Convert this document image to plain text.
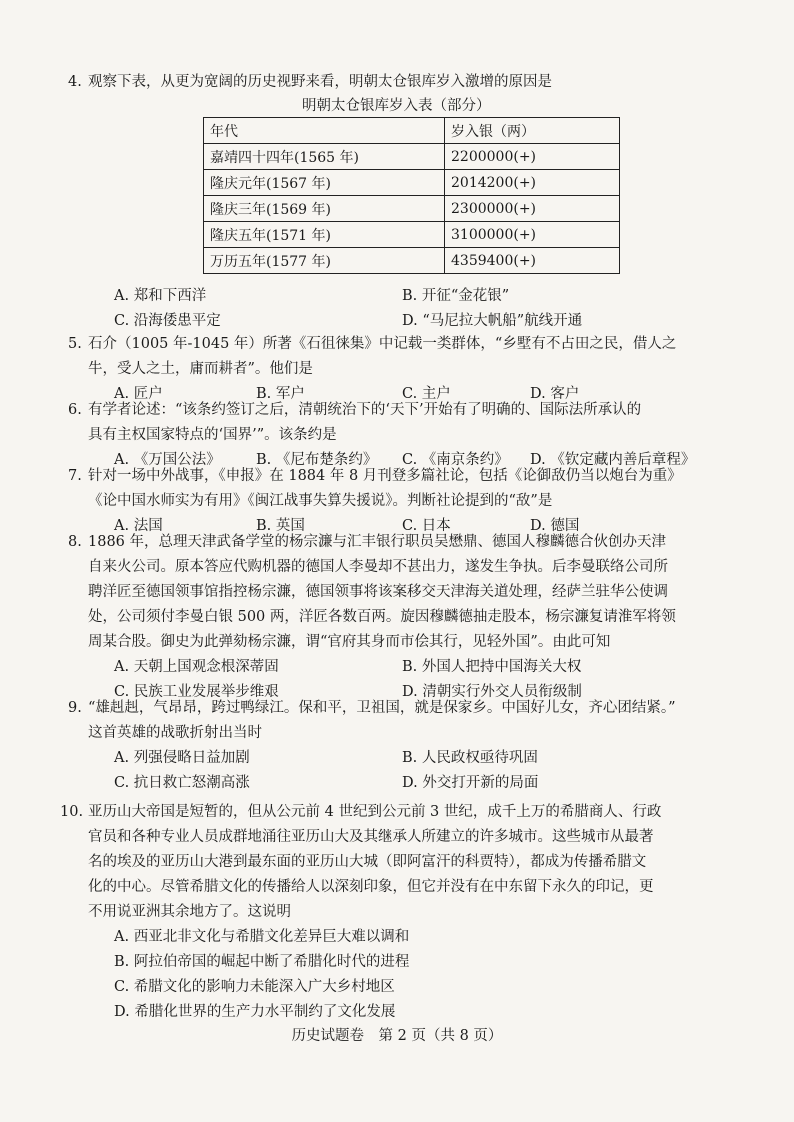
4. 观察下表，从更为宽阔的历史视野来看，明朝太仓银库岁入激增的原因是
明朝太仓银库岁入表（部分）
年代	岁入银（两）
嘉靖四十四年(1565 年)	2200000(+)
隆庆元年(1567 年)	2014200(+)
隆庆三年(1569 年)	2300000(+)
隆庆五年(1571 年)	3100000(+)
万历五年(1577 年)	4359400(+)
A. 郑和下西洋	B. 开征“金花银”
C. 沿海倭患平定	D. “马尼拉大帆船”航线开通
5. 石介（1005 年-1045 年）所著《石徂徕集》中记载一类群体，“乡墅有不占田之民，借人之
牛，受人之土，庸而耕者”。他们是
A. 匠户	B. 军户	C. 主户	D. 客户
6. 有学者论述：“该条约签订之后，清朝统治下的‘天下’开始有了明确的、国际法所承认的
具有主权国家特点的‘国界’”。该条约是
A. 《万国公法》 B. 《尼布楚条约》 C. 《南京条约》 D. 《钦定藏内善后章程》
7. 针对一场中外战事，《申报》在 1884 年 8 月刊登多篇社论，包括《论御敌仍当以炮台为重》
《论中国水师实为有用》《闽江战事失算失援说》。判断社论提到的“敌”是
A. 法国	B. 英国	C. 日本	D. 德国
8. 1886 年，总理天津武备学堂的杨宗濂与汇丰银行职员吴懋鼎、德国人穆麟德合伙创办天津
自来火公司。原本答应代购机器的德国人李曼却不甚出力，遂发生争执。后李曼联络公司所
聘洋匠至德国领事馆指控杨宗濂，德国领事将该案移交天津海关道处理，经萨兰驻华公使调
处，公司须付李曼白银 500 两，洋匠各数百两。旋因穆麟德抽走股本，杨宗濂复请淮军将领
周某合股。御史为此弹劾杨宗濂，谓“官府其身而市侩其行，见轻外国”。由此可知
A. 天朝上国观念根深蒂固	B. 外国人把持中国海关大权
C. 民族工业发展举步维艰	D. 清朝实行外交人员衔级制
9. “雄赳赳，气昂昂，跨过鸭绿江。保和平，卫祖国，就是保家乡。中国好儿女，齐心团结紧。”
这首英雄的战歌折射出当时
A. 列强侵略日益加剧	B. 人民政权亟待巩固
C. 抗日救亡怒潮高涨	D. 外交打开新的局面
10. 亚历山大帝国是短暂的，但从公元前 4 世纪到公元前 3 世纪，成千上万的希腊商人、行政
官员和各种专业人员成群地涌往亚历山大及其继承人所建立的许多城市。这些城市从最著
名的埃及的亚历山大港到最东面的亚历山大城（即阿富汗的科贾特），都成为传播希腊文
化的中心。尽管希腊文化的传播给人以深刻印象，但它并没有在中东留下永久的印记，更
不用说亚洲其余地方了。这说明
A. 西亚北非文化与希腊文化差异巨大难以调和
B. 阿拉伯帝国的崛起中断了希腊化时代的进程
C. 希腊文化的影响力未能深入广大乡村地区
D. 希腊化世界的生产力水平制约了文化发展
历史试题卷　第 2 页（共 8 页）
